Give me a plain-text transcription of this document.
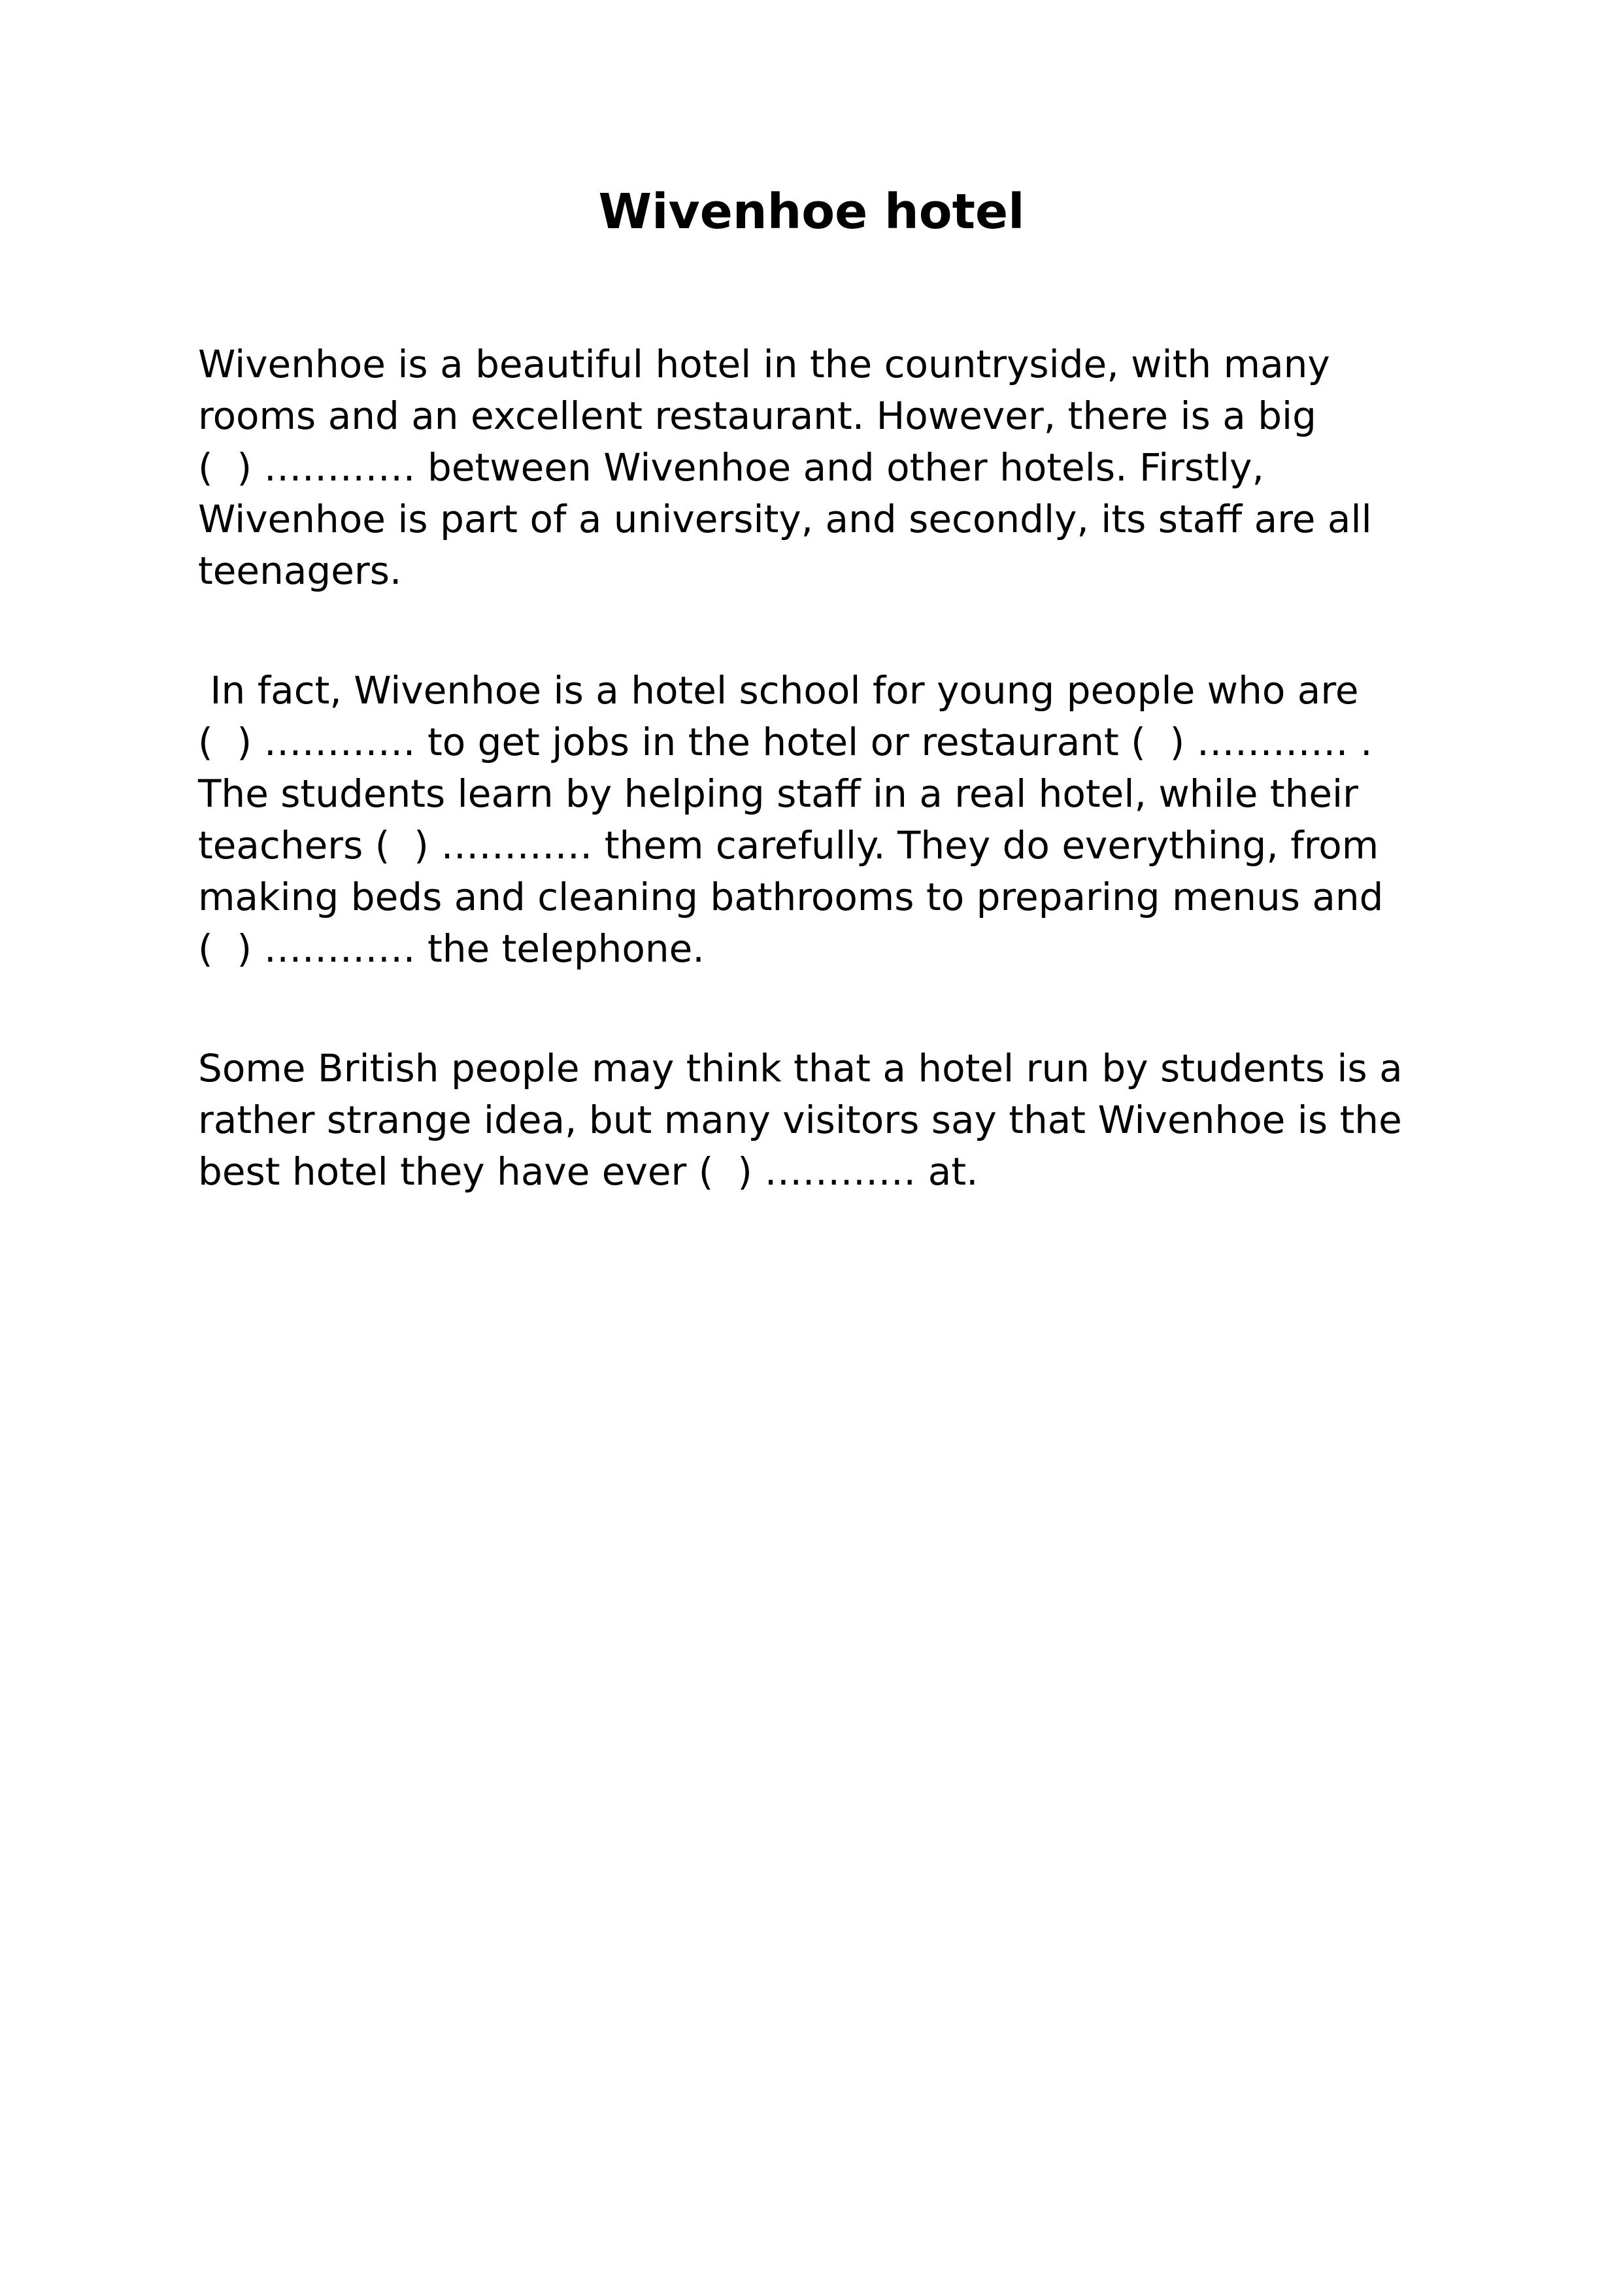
Wivenhoe hotel
Wivenhoe is a beautiful hotel in the countryside, with many
rooms and an excellent restaurant. However, there is a big
(  ) ………… between Wivenhoe and other hotels. Firstly,
Wivenhoe is part of a university, and secondly, its staff are all
teenagers.
In fact, Wivenhoe is a hotel school for young people who are
(  ) ………… to get jobs in the hotel or restaurant (  ) ………… .
The students learn by helping staff in a real hotel, while their
teachers (  ) ………… them carefully. They do everything, from
making beds and cleaning bathrooms to preparing menus and
(  ) ………… the telephone.
Some British people may think that a hotel run by students is a
rather strange idea, but many visitors say that Wivenhoe is the
best hotel they have ever (  ) ………… at.
